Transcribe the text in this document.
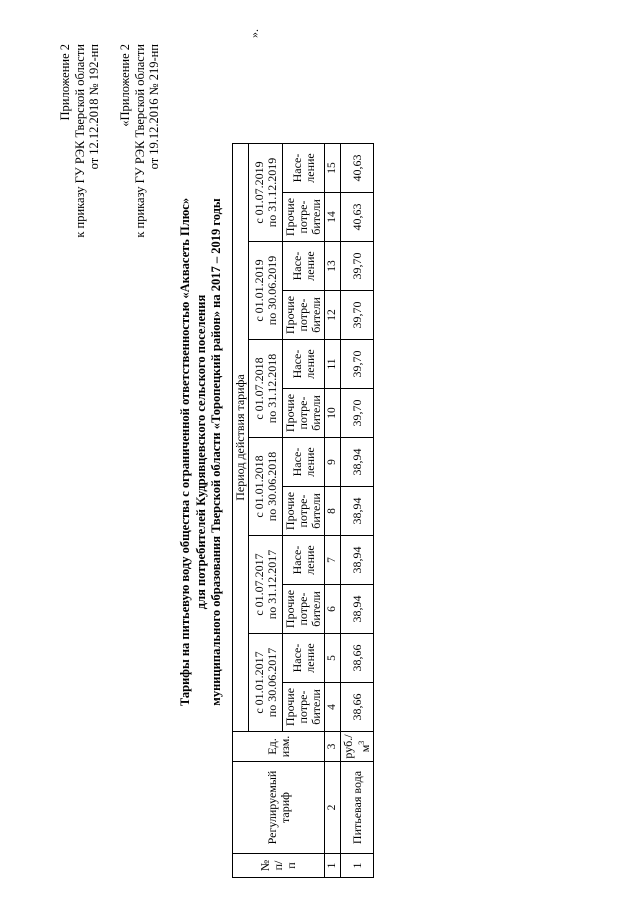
Приложение 2 к приказу ГУ РЭК Тверской области от 12.12.2018 № 192-нп «Приложение 2 к приказу ГУ РЭК Тверской области от 19.12.2016 № 219-нп
Тарифы на питьевую воду общества с ограниченной ответственностью «Аквасеть Плюс» для потребителей Кудрявцевского сельского поселения муниципального образования Тверской области «Торопецкий район» на 2017 – 2019 годы
№ п/ п	Регулируемый тариф	Ед. изм.	Период действия тарифа											

			с 01.01.2017 по 30.06.2017		с 01.07.2017 по 31.12.2017		с 01.01.2018 по 30.06.2018		с 01.07.2018 по 31.12.2018		с 01.01.2019 по 30.06.2019		с 01.07.2019 по 31.12.2019	

			Прочие потре- бители	Насе- ление	Прочие потре- бители	Насе- ление	Прочие потре- бители	Насе- ление	Прочие потре- бители	Насе- ление	Прочие потре- бители	Насе- ление	Прочие потре- бители	Насе- ление

1	2	3	4	5	6	7	8	9	10	11	12	13	14	15
1	Питьевая вода	$руб./м^3$	38,66	38,66	38,94	38,94	38,94	38,94	39,70	39,70	39,70	39,70	40,63	40,63
».
